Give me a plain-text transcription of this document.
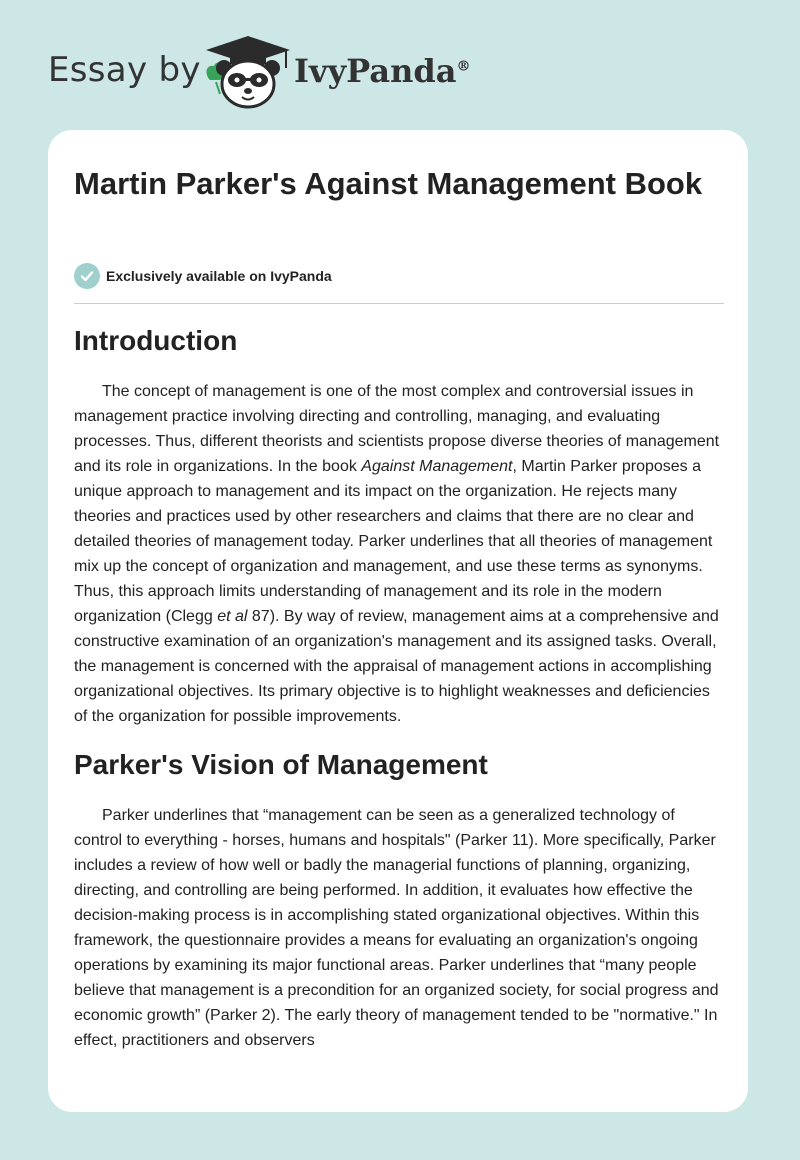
Essay by	IvyPanda®
Martin Parker's Against Management Book
Exclusively available on IvyPanda
Introduction

The concept of management is one of the most complex and controversial issues in management practice involving directing and controlling, managing, and evaluating processes. Thus, different theorists and scientists propose diverse theories of management and its role in organizations. In the book Against Management, Martin Parker proposes a unique approach to management and its impact on the organization. He rejects many theories and practices used by other researchers and claims that there are no clear and detailed theories of management today. Parker underlines that all theories of management mix up the concept of organization and management, and use these terms as synonyms. Thus, this approach limits understanding of management and its role in the modern organization (Clegg et al 87). By way of review, management aims at a comprehensive and constructive examination of an organization's management and its assigned tasks. Overall, the management is concerned with the appraisal of management actions in accomplishing organizational objectives. Its primary objective is to highlight weaknesses and deficiencies of the organization for possible improvements.

Parker's Vision of Management

Parker underlines that “management can be seen as a generalized technology of control to everything - horses, humans and hospitals" (Parker 11). More specifically, Parker includes a review of how well or badly the managerial functions of planning, organizing, directing, and controlling are being performed. In addition, it evaluates how effective the decision-making process is in accomplishing stated organizational objectives. Within this framework, the questionnaire provides a means for evaluating an organization's ongoing operations by examining its major functional areas. Parker underlines that “many people believe that management is a precondition for an organized society, for social progress and economic growth” (Parker 2). The early theory of management tended to be "normative." In effect, practitioners and observers
